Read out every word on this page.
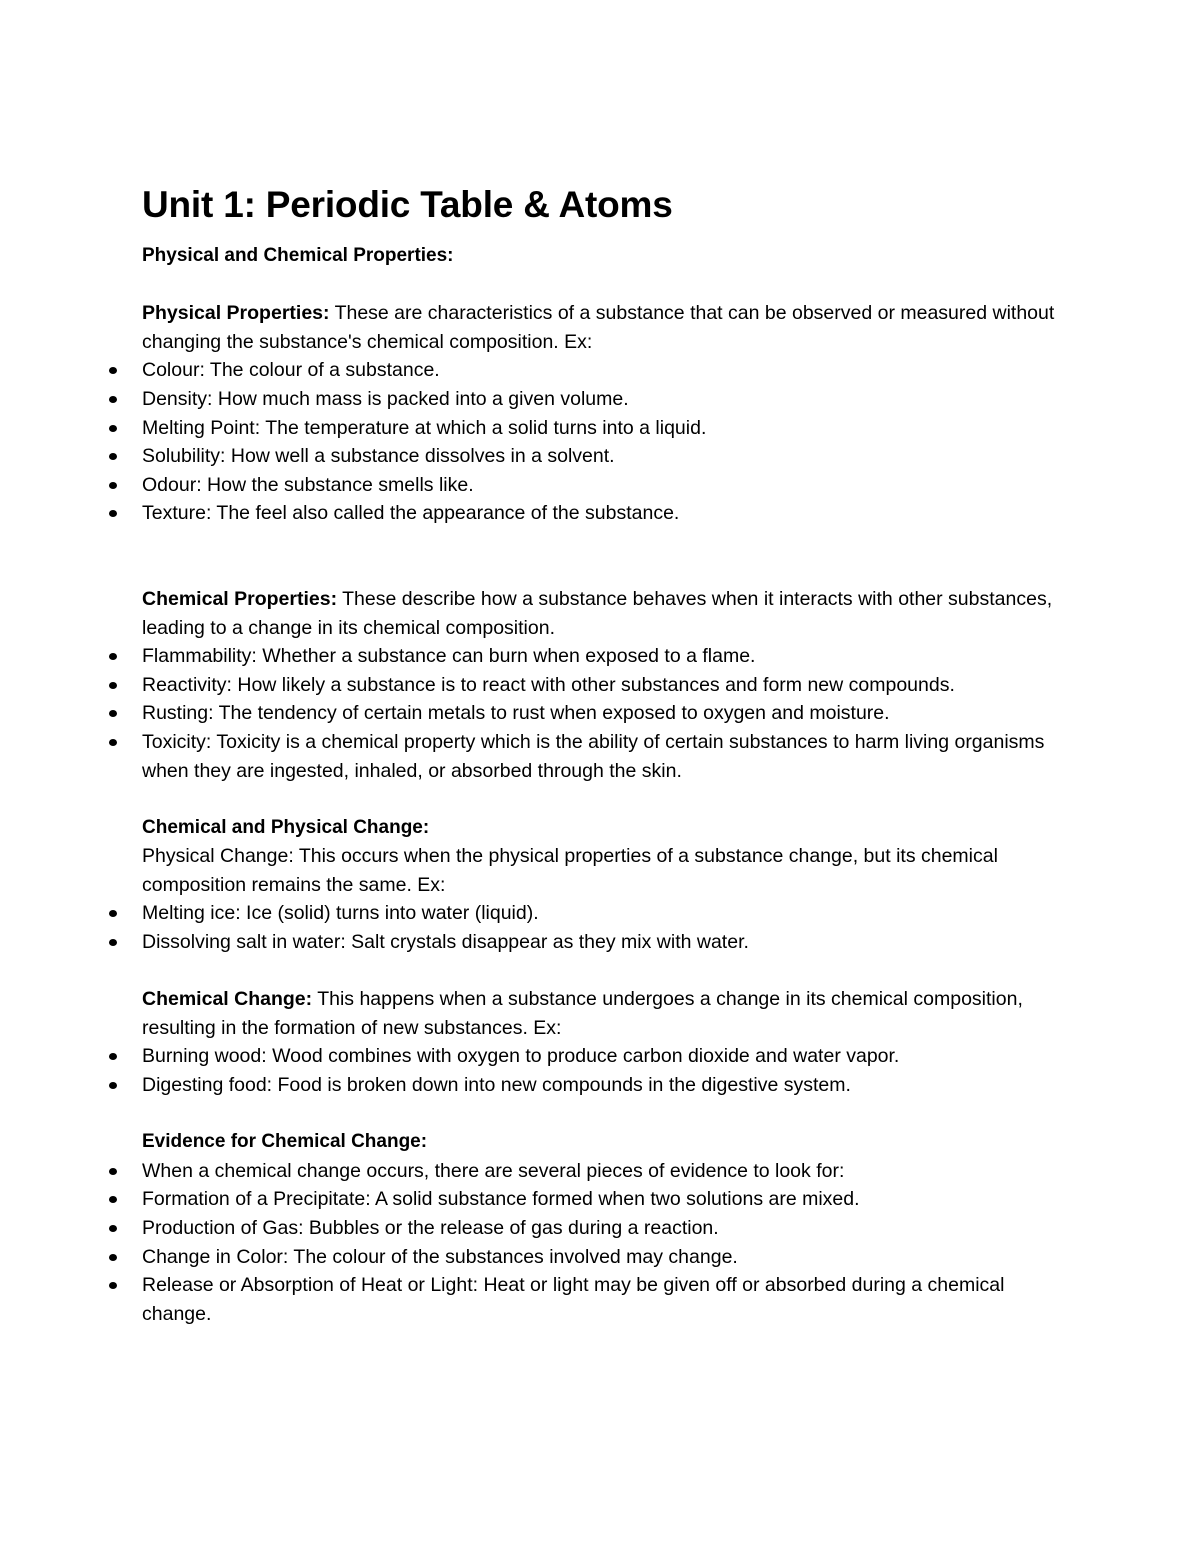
Unit 1: Periodic Table & Atoms

Physical and Chemical Properties:

Physical Properties: These are characteristics of a substance that can be observed or measured without changing the substance's chemical composition. Ex:

Colour: The colour of a substance.
Density: How much mass is packed into a given volume.
Melting Point: The temperature at which a solid turns into a liquid.
Solubility: How well a substance dissolves in a solvent.
Odour: How the substance smells like.
Texture: The feel also called the appearance of the substance.

Chemical Properties: These describe how a substance behaves when it interacts with other substances, leading to a change in its chemical composition.

Flammability: Whether a substance can burn when exposed to a flame.
Reactivity: How likely a substance is to react with other substances and form new compounds.
Rusting: The tendency of certain metals to rust when exposed to oxygen and moisture.
Toxicity: Toxicity is a chemical property which is the ability of certain substances to harm living organisms when they are ingested, inhaled, or absorbed through the skin.

Chemical and Physical Change:

Physical Change: This occurs when the physical properties of a substance change, but its chemical composition remains the same. Ex:

Melting ice: Ice (solid) turns into water (liquid).
Dissolving salt in water: Salt crystals disappear as they mix with water.

Chemical Change: This happens when a substance undergoes a change in its chemical composition, resulting in the formation of new substances. Ex:

Burning wood: Wood combines with oxygen to produce carbon dioxide and water vapor.
Digesting food: Food is broken down into new compounds in the digestive system.

Evidence for Chemical Change:

When a chemical change occurs, there are several pieces of evidence to look for:
Formation of a Precipitate: A solid substance formed when two solutions are mixed.
Production of Gas: Bubbles or the release of gas during a reaction.
Change in Color: The colour of the substances involved may change.
Release or Absorption of Heat or Light: Heat or light may be given off or absorbed during a chemical change.
